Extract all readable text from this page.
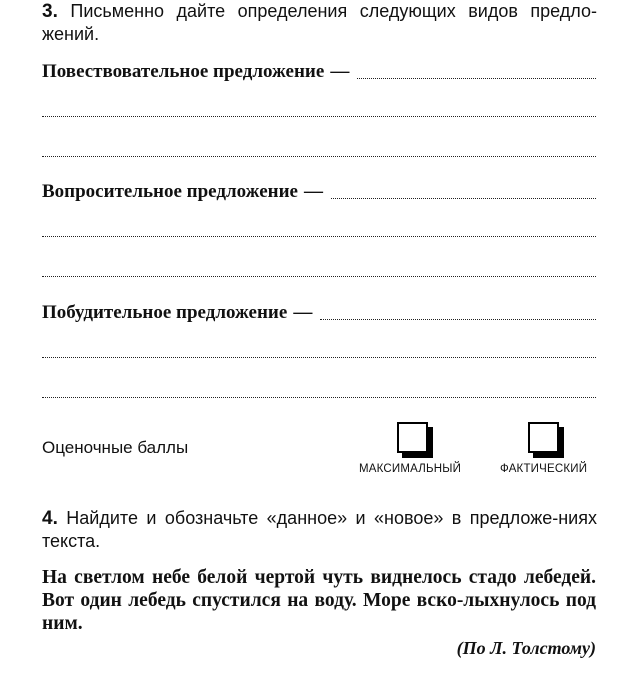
3. Письменно дайте определения следующих видов предло-жений.
Повествовательное предложение —
Вопросительное предложение —
Побудительное предложение —
Оценочные баллы
МАКСИМАЛЬНЫЙ	ФАКТИЧЕСКИЙ
4. Найдите и обозначьте «данное» и «новое» в предложе-ниях текста.
На светлом небе белой чертой чуть виднелось стадо лебедей. Вот один лебедь спустился на воду. Море вско-лыхнулось под ним.
(По Л. Толстому)
